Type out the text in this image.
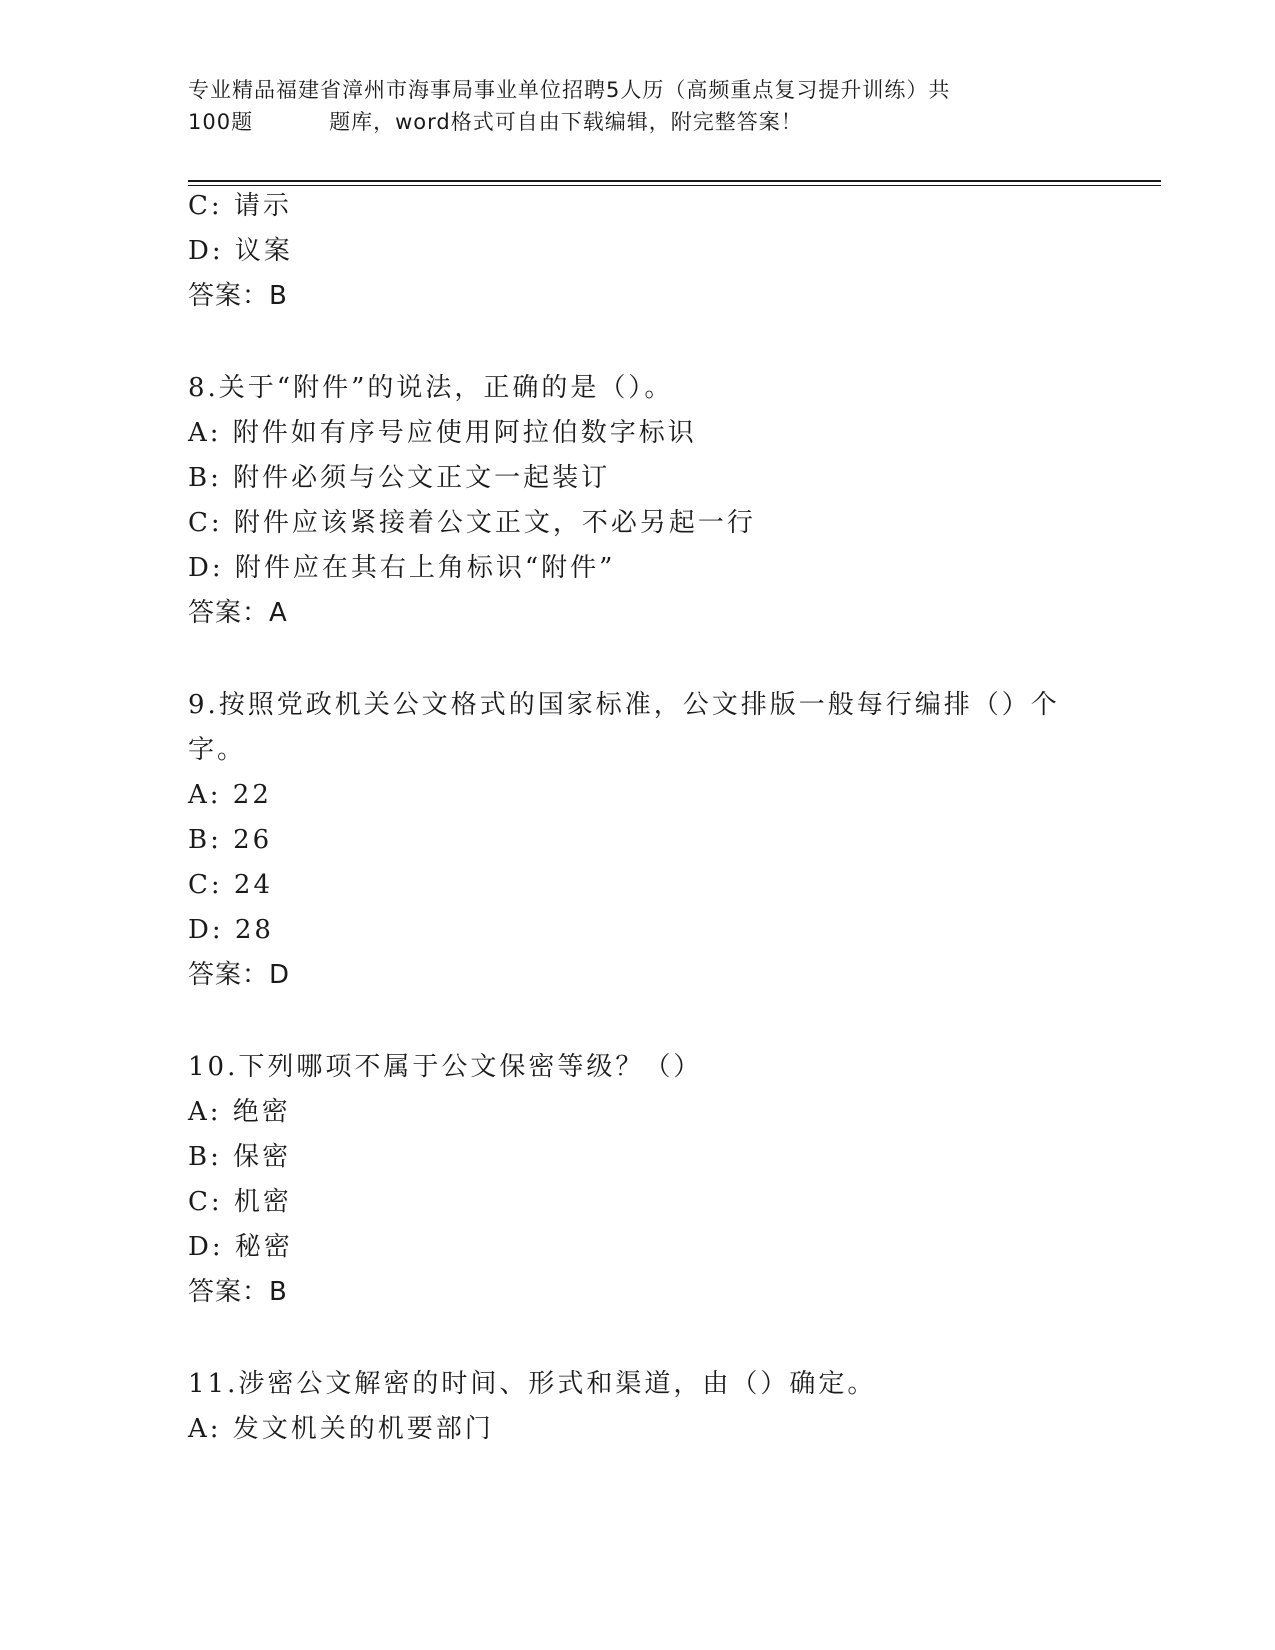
专业精品福建省漳州市海事局事业单位招聘5人历（高频重点复习提升训练）共
100题	题库，word格式可自由下载编辑，附完整答案！
C: 请示
D: 议案
答案：B
8.关于“附件”的说法，正确的是（）。
A: 附件如有序号应使用阿拉伯数字标识
B: 附件必须与公文正文一起装订
C: 附件应该紧接着公文正文，不必另起一行
D: 附件应在其右上角标识“附件”
答案：A
9.按照党政机关公文格式的国家标准，公文排版一般每行编排（）个
字。
A: 22
B: 26
C: 24
D: 28
答案：D
10.下列哪项不属于公文保密等级？（）
A: 绝密
B: 保密
C: 机密
D: 秘密
答案：B
11.涉密公文解密的时间、形式和渠道，由（）确定。
A: 发文机关的机要部门
